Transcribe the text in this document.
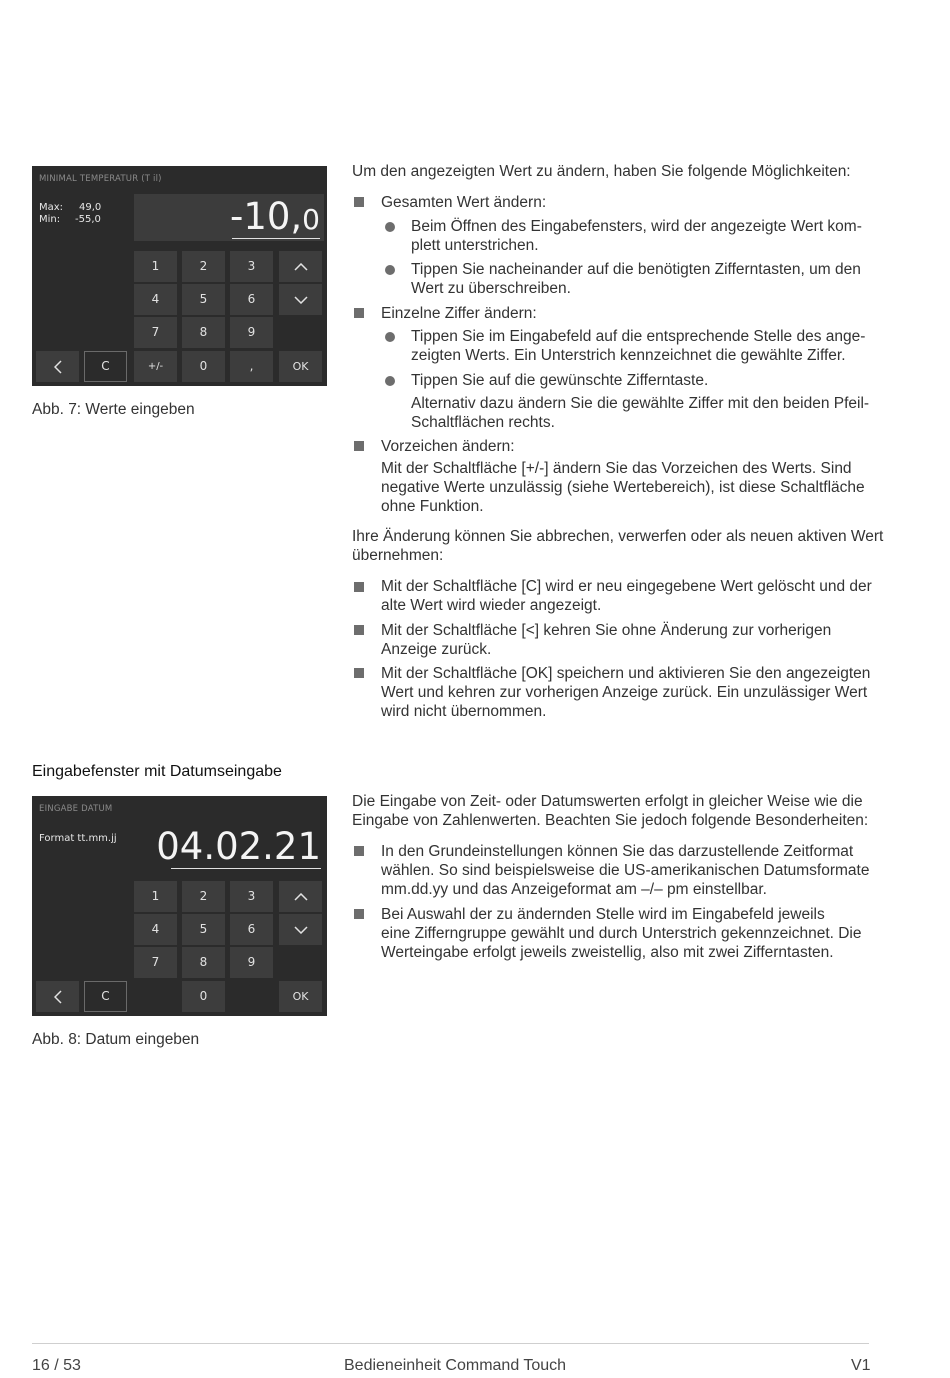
MINIMAL TEMPERATUR (T il)
Max: 49,0
Min: -55,0	-10,0
1	2	3
4	5	6
7	8	9
C	+/-	0	,	OK
Abb. 7: Werte eingeben
Um den angezeigten Wert zu ändern, haben Sie folgende Möglichkeiten:
Gesamten Wert ändern:
Beim Öffnen des Eingabefensters, wird der angezeigte Wert kom-
plett unterstrichen.
Tippen Sie nacheinander auf die benötigten Zifferntasten, um den
Wert zu überschreiben.
Einzelne Ziffer ändern:
Tippen Sie im Eingabefeld auf die entsprechende Stelle des ange-
zeigten Werts. Ein Unterstrich kennzeichnet die gewählte Ziffer.
Tippen Sie auf die gewünschte Zifferntaste.
Alternativ dazu ändern Sie die gewählte Ziffer mit den beiden Pfeil-
Schaltflächen rechts.
Vorzeichen ändern:
Mit der Schaltfläche [+/-] ändern Sie das Vorzeichen des Werts. Sind
negative Werte unzulässig (siehe Wertebereich), ist diese Schaltfläche
ohne Funktion.
Ihre Änderung können Sie abbrechen, verwerfen oder als neuen aktiven Wert
übernehmen:
Mit der Schaltfläche [C] wird er neu eingegebene Wert gelöscht und der
alte Wert wird wieder angezeigt.
Mit der Schaltfläche [<] kehren Sie ohne Änderung zur vorherigen
Anzeige zurück.
Mit der Schaltfläche [OK] speichern und aktivieren Sie den angezeigten
Wert und kehren zur vorherigen Anzeige zurück. Ein unzulässiger Wert
wird nicht übernommen.
Eingabefenster mit Datumseingabe
EINGABE DATUM
Format tt.mm.jj 04.02.21
1	2	3
4	5	6
7	8	9
C	0	OK
Abb. 8: Datum eingeben
Die Eingabe von Zeit- oder Datumswerten erfolgt in gleicher Weise wie die
Eingabe von Zahlenwerten. Beachten Sie jedoch folgende Besonderheiten:
In den Grundeinstellungen können Sie das darzustellende Zeitformat
wählen. So sind beispielsweise die US-amerikanischen Datumsformate
mm.dd.yy und das Anzeigeformat am –/– pm einstellbar.
Bei Auswahl der zu ändernden Stelle wird im Eingabefeld jeweils
eine Zifferngruppe gewählt und durch Unterstrich gekennzeichnet. Die
Werteingabe erfolgt jeweils zweistellig, also mit zwei Zifferntasten.
16 / 53	Bedieneinheit Command Touch	V1
